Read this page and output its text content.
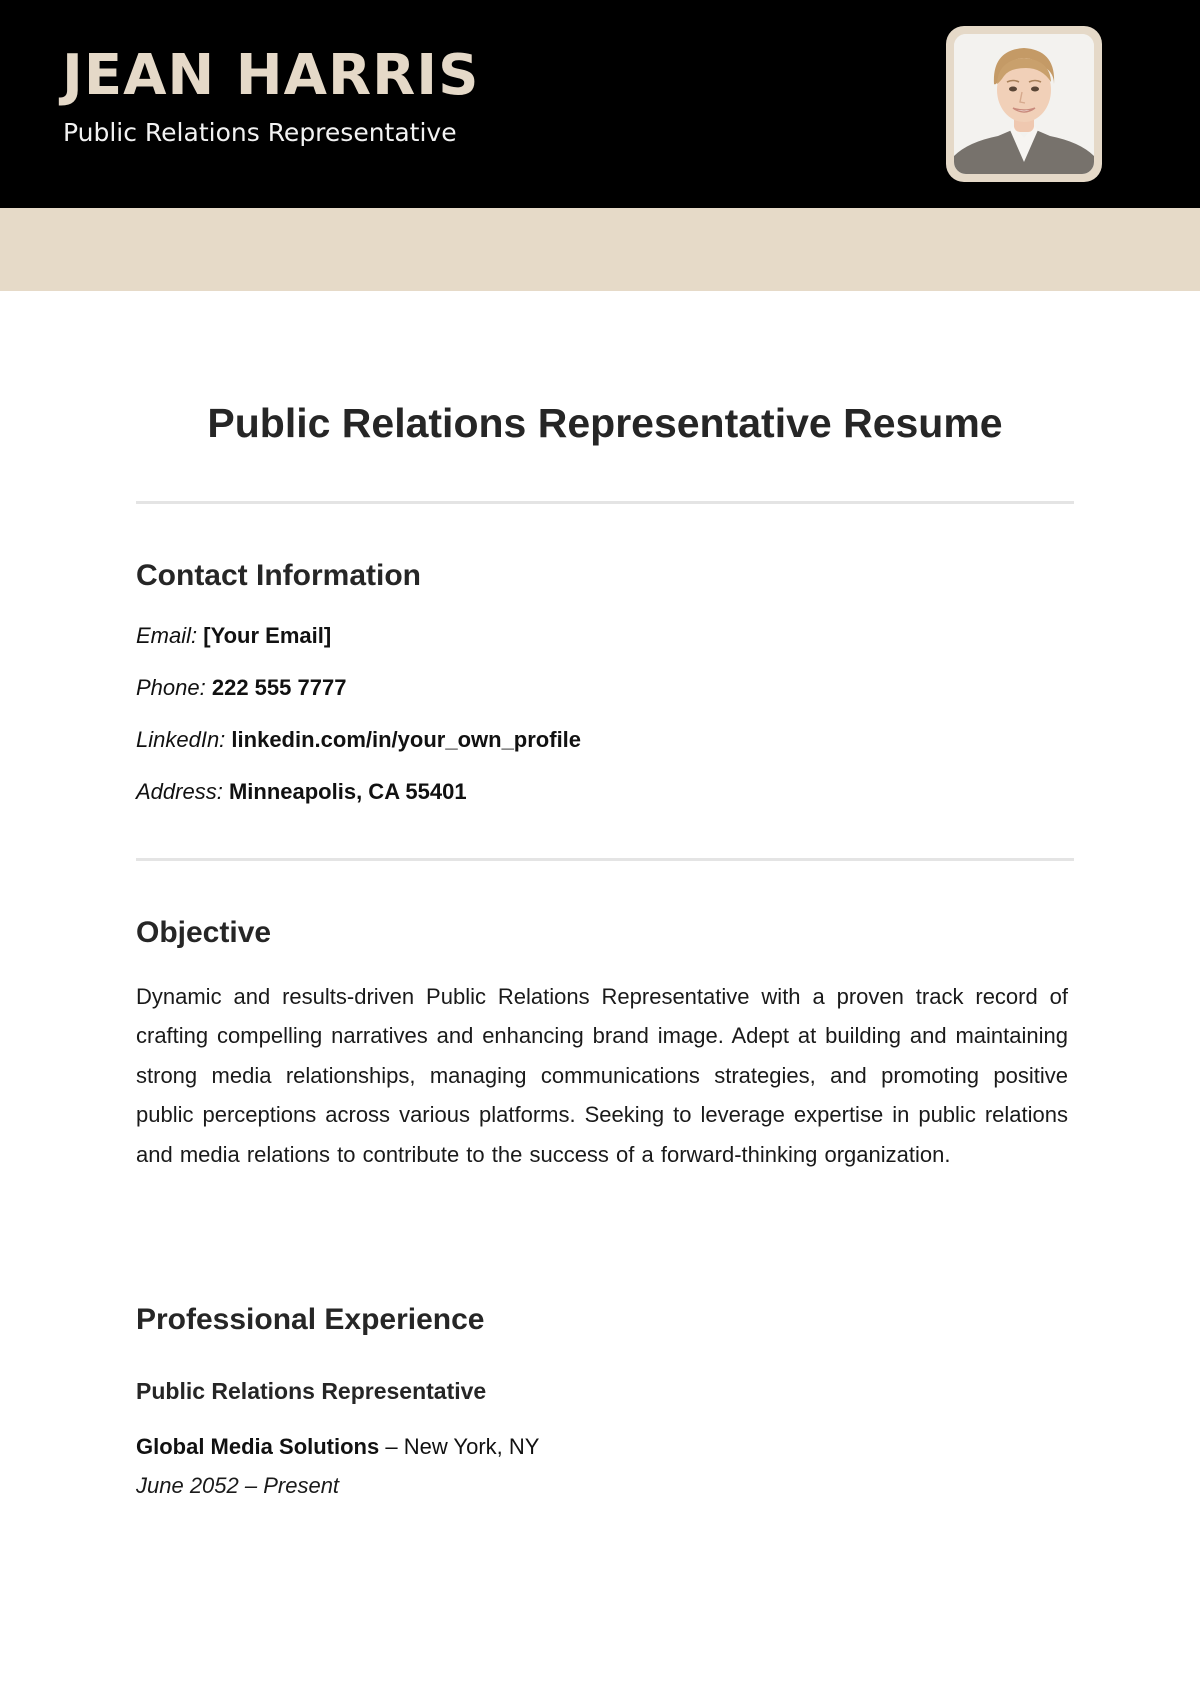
JEAN HARRIS
Public Relations Representative
Public Relations Representative Resume
Contact Information
Email: [Your Email]
Phone: 222 555 7777
LinkedIn: linkedin.com/in/your_own_profile
Address: Minneapolis, CA 55401
Objective
Dynamic and results-driven Public Relations Representative with a proven track record of crafting compelling narratives and enhancing brand image. Adept at building and maintaining strong media relationships, managing communications strategies, and promoting positive public perceptions across various platforms. Seeking to leverage expertise in public relations and media relations to contribute to the success of a forward-thinking organization.
Professional Experience
Public Relations Representative
Global Media Solutions – New York, NY
June 2052 – Present
